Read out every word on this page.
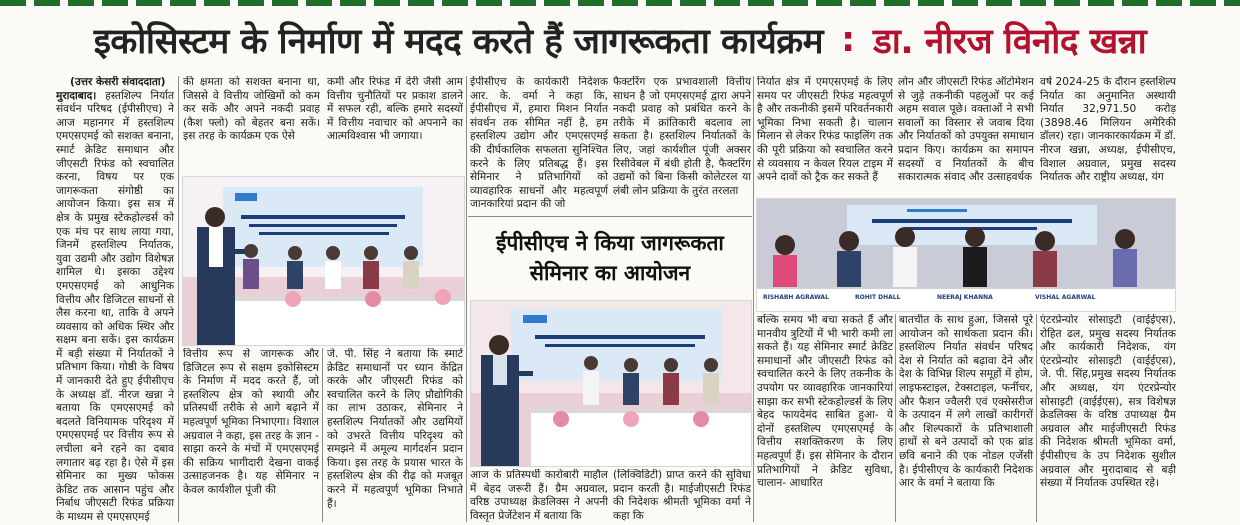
इकोसिस्टम के निर्माण में मदद करते हैं जागरूकता कार्यक्रम : डा. नीरज विनोद खन्ना

(उत्तर केसरी संवाददाता)

मुरादाबाद। हस्तशिल्प निर्यात संवर्धन परिषद (ईपीसीएच) ने आज महानगर में हस्तशिल्प एमएसएमई को सशक्त बनाना, स्मार्ट क्रेडिट समाधान और जीएसटी रिफंड को स्वचालित करना, विषय पर एक जागरूकता संगोष्ठी का आयोजन किया। इस सत्र में क्षेत्र के प्रमुख स्टेकहोल्डर्स को एक मंच पर साथ लाया गया, जिनमें हस्तशिल्प निर्यातक, युवा उद्यमी और उद्योग विशेषज्ञ शामिल थे। इसका उद्देश्य एमएसएमई को आधुनिक वित्तीय और डिजिटल साधनों से लैस करना था, ताकि वे अपने व्यवसाय को अधिक स्थिर और सक्षम बना सकें। इस कार्यक्रम में बड़ी संख्या में निर्यातकों ने प्रतिभाग किया। गोष्ठी के विषय में जानकारी देते हुए ईपीसीएच के अध्यक्ष डॉ. नीरज खन्ना ने बताया कि एमएसएमई को बदलते विनियामक परिदृश्य में एमएसएमई पर वित्तीय रूप से लचीला बने रहने का दबाव लगातार बढ़ रहा है। ऐसे में इस सेमिनार का मुख्य फोकस क्रेडिट तक आसान पहुंच और निर्बाध जीएसटी रिफंड प्रक्रिया के माध्यम से एमएसएमई

की क्षमता को सशक्त बनाना था, जिससे वे वित्तीय जोखिमों को कम कर सकें और अपने नकदी प्रवाह (कैश फ्लो) को बेहतर बना सकें। इस तरह के कार्यक्रम एक ऐसे

कमी और रिफंड में देरी जैसी आम वित्तीय चुनौतियों पर प्रकाश डालने में सफल रही, बल्कि हमारे सदस्यों में वित्तीय नवाचार को अपनाने का आत्मविश्वास भी जगाया।

वित्तीय रूप से जागरूक और डिजिटल रूप से सक्षम इकोसिस्टम के निर्माण में मदद करते हैं, जो हस्तशिल्प क्षेत्र को स्थायी और प्रतिस्पर्धी तरीके से आगे बढ़ाने में महत्वपूर्ण भूमिका निभाएगा। विशाल अग्रवाल ने कहा, इस तरह के ज्ञान - साझा करने के मंचों में एमएसएमई की सक्रिय भागीदारी देखना वाकई उत्साहजनक है। यह सेमिनार न केवल कार्यशील पूंजी की

जे. पी. सिंह ने बताया कि स्मार्ट क्रेडिट समाधानों पर ध्यान केंद्रित करके और जीएसटी रिफंड को स्वचालित करने के लिए प्रौद्योगिकी का लाभ उठाकर, सेमिनार ने हस्तशिल्प निर्यातकों और उद्यमियों को उभरते वित्तीय परिदृश्य को समझने में अमूल्य मार्गदर्शन प्रदान किया। इस तरह के प्रयास भारत के हस्तशिल्प क्षेत्र की रीढ़ को मजबूत करने में महत्वपूर्ण भूमिका निभाते हैं।

ईपीसीएच के कार्यकारी निदेशक आर. के. वर्मा ने कहा कि, ईपीसीएच में, हमारा मिशन निर्यात संवर्धन तक सीमित नहीं है, हम हस्तशिल्प उद्योग और एमएसएमई की दीर्घकालिक सफलता सुनिश्चित करने के लिए प्रतिबद्ध हैं। इस सेमिनार ने प्रतिभागियों को व्यावहारिक साधनों और महत्वपूर्ण जानकारियां प्रदान की जो

फैक्टरिंग एक प्रभावशाली वित्तीय साधन है जो एमएसएमई द्वारा अपने नकदी प्रवाह को प्रबंधित करने के तरीके में क्रांतिकारी बदलाव ला सकता है। हस्तशिल्प निर्यातकों के लिए, जहां कार्यशील पूंजी अक्सर रिसीवेबल में बंधी होती है, फैक्टरिंग उद्यमों को बिना किसी कोलेटरल या लंबी लोन प्रक्रिया के तुरंत तरलता

ईपीसीएच ने किया जागरूकता
सेमिनार का आयोजन

आज के प्रतिस्पर्धी कारोबारी माहौल में बेहद जरूरी हैं। ग्रैम अग्रवाल, वरिष्ठ उपाध्यक्ष क्रेडलिक्स ने अपनी विस्तृत प्रेजेंटेशन में बताया कि

(लिक्विडिटी) प्राप्त करने की सुविधा प्रदान करती है। माईजीएसटी रिफंड की निदेशक श्रीमती भूमिका वर्मा ने कहा कि

निर्यात क्षेत्र में एमएसएमई के लिए समय पर जीएसटी रिफंड महत्वपूर्ण है और तकनीकी इसमें परिवर्तनकारी भूमिका निभा सकती है। चालान मिलान से लेकर रिफंड फाइलिंग तक की पूरी प्रक्रिया को स्वचालित करने से व्यवसाय न केवल रियल टाइम में अपने दावों को ट्रैक कर सकते हैं

लोन और जीएसटी रिफंड ऑटोमेशन से जुड़े तकनीकी पहलुओं पर कई अहम सवाल पूछे। वक्ताओं ने सभी सवालों का विस्तार से जवाब दिया और निर्यातकों को उपयुक्त समाधान प्रदान किए। कार्यक्रम का समापन सदस्यों व निर्यातकों के बीच सकारात्मक संवाद और उत्साहवर्धक

वर्ष 2024-25 के दौरान हस्तशिल्प निर्यात का अनुमानित अस्थायी निर्यात 32,971.50 करोड़ (3898.46 मिलियन अमेरिकी डॉलर) रहा। जानकारकार्यक्रम में डॉ. नीरज खन्ना, अध्यक्ष, ईपीसीएच, विशाल अग्रवाल, प्रमुख सदस्य निर्यातक और राष्ट्रीय अध्यक्ष, यंग

RISHABH AGRAWAL	ROHIT DHALL	NEERAJ KHANNA	VISHAL AGARWAL

बल्कि समय भी बचा सकते हैं और मानवीय त्रुटियों में भी भारी कमी ला सकते हैं। यह सेमिनार स्मार्ट क्रेडिट समाधानों और जीएसटी रिफंड को स्वचालित करने के लिए तकनीक के उपयोग पर व्यावहारिक जानकारियां साझा कर सभी स्टेकहोल्डर्स के लिए बेहद फायदेमंद साबित हुआ- ये दोनों हस्तशिल्प एमएसएमई के वित्तीय सशक्तिकरण के लिए महत्वपूर्ण हैं। इस सेमिनार के दौरान प्रतिभागियों ने क्रेडिट सुविधा, चालान- आधारित

बातचीत के साथ हुआ, जिससे पूरे आयोजन को सार्थकता प्रदान की। हस्तशिल्प निर्यात संवर्धन परिषद देश से निर्यात को बढ़ावा देने और देश के विभिन्न शिल्प समूहों में होम, लाइफस्टाइल, टेक्सटाइल, फर्नीचर, और फैशन ज्वैलरी एवं एक्सेसरीज के उत्पादन में लगे लाखों कारीगरों और शिल्पकारों के प्रतिभाशाली हाथों से बने उत्पादों को एक ब्रांड छवि बनाने की एक नोडल एजेंसी है। ईपीसीएच के कार्यकारी निदेशक आर के वर्मा ने बताया कि

एंटरप्रेन्योर सोसाइटी (वाईईएस), रोहित ढल, प्रमुख सदस्य निर्यातक और कार्यकारी निदेशक, यंग एंटरप्रेन्योर सोसाइटी (वाईईएस), जे. पी. सिंह,प्रमुख सदस्य निर्यातक और अध्यक्ष, यंग एंटरप्रेन्योर सोसाइटी (वाईईएस), सत्र विशेषज्ञ क्रेडलिक्स के वरिष्ठ उपाध्यक्ष ग्रैम अग्रवाल और माईजीएसटी रिफंड की निदेशक श्रीमती भूमिका वर्मा, ईपीसीएच के उप निदेशक सुशील अग्रवाल और मुरादाबाद से बड़ी संख्या में निर्यातक उपस्थित रहे।
